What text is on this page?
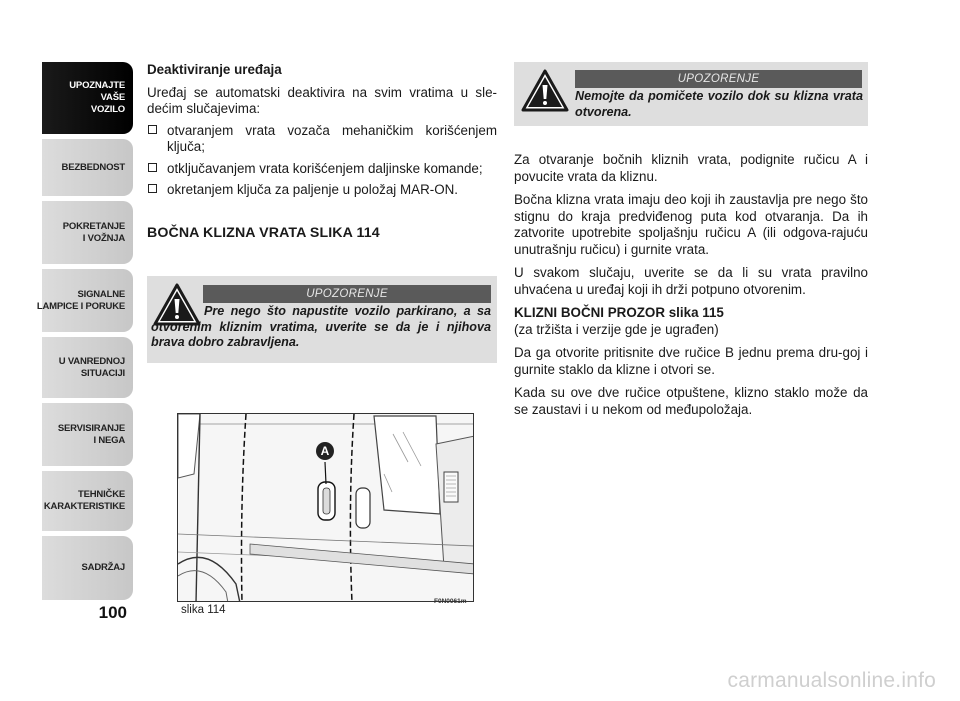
UPOZNAJTE
VAŠE
VOZILO
BEZBEDNOST
POKRETANJE
I VOŽNJA
SIGNALNE
LAMPICE I PORUKE
U VANREDNOJ
SITUACIJI
SERVISIRANJE
I NEGA
TEHNIČKE
KARAKTERISTIKE
SADRŽAJ
100

Deaktiviranje uređaja

Uređaj se automatski deaktivira na svim vratima u slе-dećim slučajevima:

otvaranjem vrata vozača mehaničkim korišćenjem ključa;
otključavanjem vrata korišćenjem daljinske komande;
okretanjem ključa za paljenje u položaj MAR-ON.

BOČNA KLIZNA VRATA SLIKA 114

UPOZORENJE
Pre nego što napustite vozilo parkirano, a sa otvorenim kliznim vratima, uverite se da je i njihova brava dobro zabravljena.
A
slika 114
F0N0061m
UPOZORENJE
Nemojte da pomičete vozilo dok su klizna vrata otvorena.

Za otvaranje bočnih kliznih vrata, podignite ručicu A i povucite vrata da kliznu.

Bočna klizna vrata imaju deo koji ih zaustavlja pre nego što stignu do kraja predviđenog puta kod otvaranja. Da ih zatvorite upotrebite spoljašnju ručicu A (ili odgova-rajuću unutrašnju ručicu) i gurnite vrata.

U svakom slučaju, uverite se da li su vrata pravilno uhvaćena u uređaj koji ih drži potpuno otvorenim.

KLIZNI BOČNI PROZOR slika 115

(za tržišta i verzije gde je ugrađen)

Da ga otvorite pritisnite dve ručice B jednu prema dru-goj i gurnite staklo da klizne i otvori se.

Kada su ove dve ručice otpuštene, klizno staklo može da se zaustavi i u nekom od međupoložaja.

carmanualsonline.info
